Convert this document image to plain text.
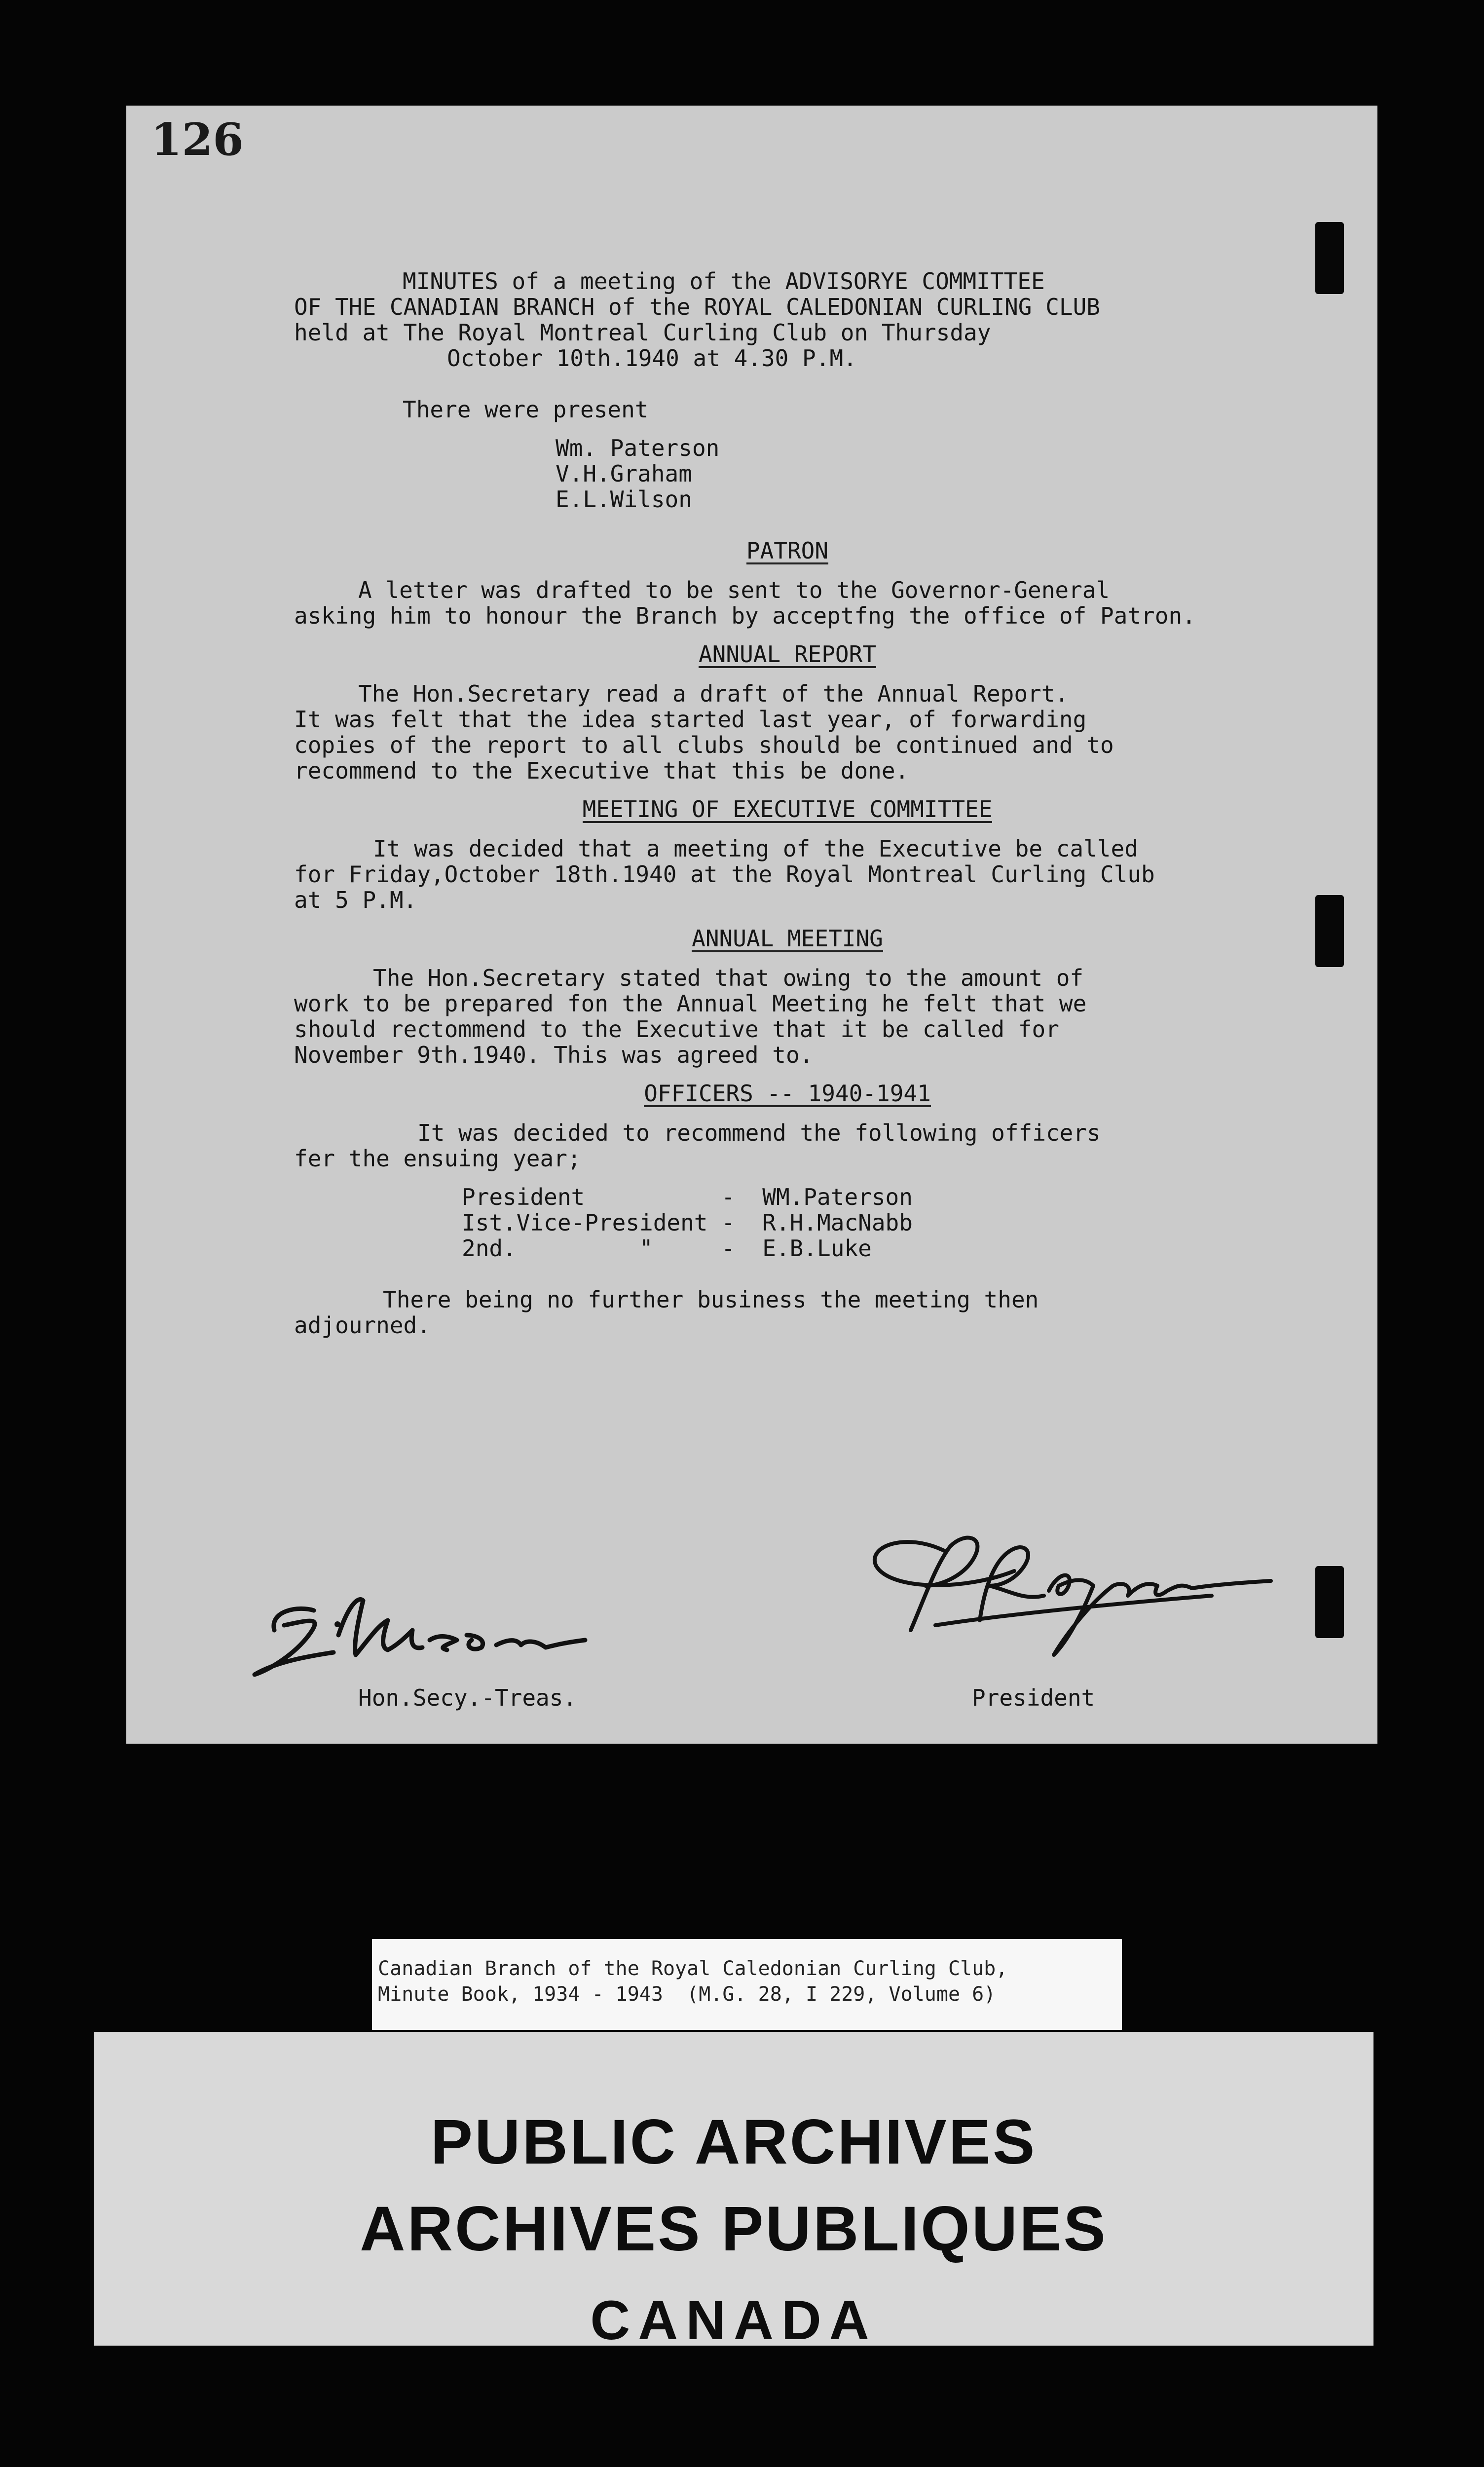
126

MINUTES of a meeting of the ADVISORYE COMMITTEE

OF THE CANADIAN BRANCH of the ROYAL CALEDONIAN CURLING CLUB

held at The Royal Montreal Curling Club on Thursday

October 10th.1940 at 4.30 P.M.

There were present

Wm. Paterson

V.H.Graham

E.L.Wilson

PATRON

A letter was drafted to be sent to the Governor-General

asking him to honour the Branch by acceptfng the office of Patron.

ANNUAL REPORT

The Hon.Secretary read a draft of the Annual Report.

It was felt that the idea started last year, of forwarding

copies of the report to all clubs should be continued and to

recommend to the Executive that this be done.

MEETING OF EXECUTIVE COMMITTEE

It was decided that a meeting of the Executive be called

for Friday,October 18th.1940 at the Royal Montreal Curling Club

at 5 P.M.

ANNUAL MEETING

The Hon.Secretary stated that owing to the amount of

work to be prepared fon the Annual Meeting he felt that we

should rectommend to the Executive that it be called for

November 9th.1940. This was agreed to.

OFFICERS -- 1940-1941

It was decided to recommend the following officers

fer the ensuing year;

President          -  WM.Paterson

Ist.Vice-President -  R.H.MacNabb

2nd.         "     -  E.B.Luke

There being no further business the meeting then

adjourned.

Hon.Secy.-Treas.	President
Canadian Branch of the Royal Caledonian Curling Club,
Minute Book, 1934 - 1943  (M.G. 28, I 229, Volume 6)
PUBLIC ARCHIVES
ARCHIVES PUBLIQUES
CANADA
